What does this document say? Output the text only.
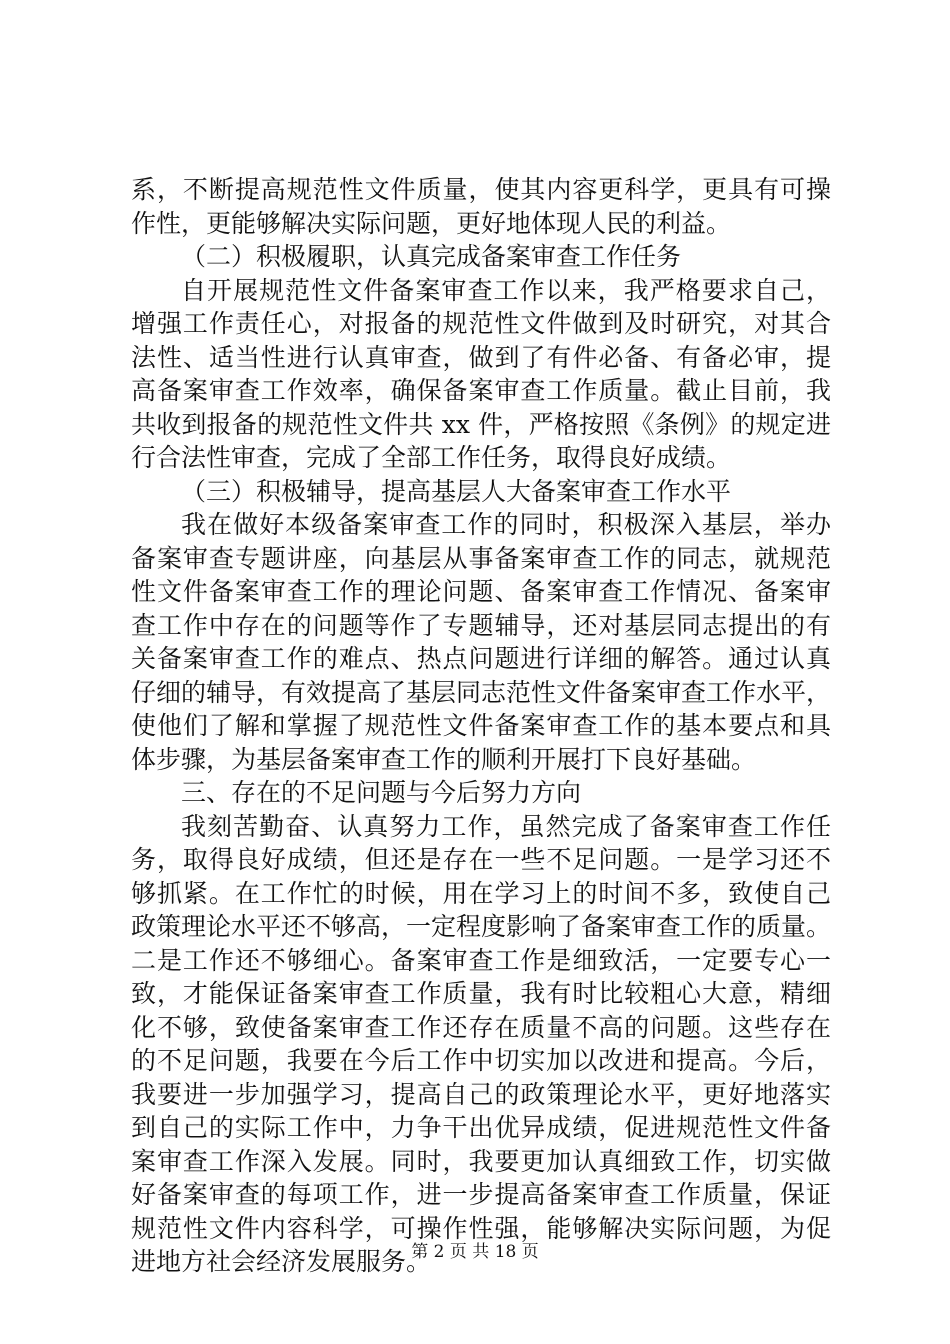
系，不断提高规范性文件质量，使其内容更科学，更具有可操
作性，更能够解决实际问题，更好地体现人民的利益。
（二）积极履职，认真完成备案审查工作任务
自开展规范性文件备案审查工作以来，我严格要求自己，
增强工作责任心，对报备的规范性文件做到及时研究，对其合
法性、适当性进行认真审查，做到了有件必备、有备必审，提
高备案审查工作效率，确保备案审查工作质量。截止目前，我
共收到报备的规范性文件共 xx 件，严格按照《条例》的规定进
行合法性审查，完成了全部工作任务，取得良好成绩。
（三）积极辅导，提高基层人大备案审查工作水平
我在做好本级备案审查工作的同时，积极深入基层，举办
备案审查专题讲座，向基层从事备案审查工作的同志，就规范
性文件备案审查工作的理论问题、备案审查工作情况、备案审
查工作中存在的问题等作了专题辅导，还对基层同志提出的有
关备案审查工作的难点、热点问题进行详细的解答。通过认真
仔细的辅导，有效提高了基层同志范性文件备案审查工作水平，
使他们了解和掌握了规范性文件备案审查工作的基本要点和具
体步骤，为基层备案审查工作的顺利开展打下良好基础。
三、存在的不足问题与今后努力方向
我刻苦勤奋、认真努力工作，虽然完成了备案审查工作任
务，取得良好成绩，但还是存在一些不足问题。一是学习还不
够抓紧。在工作忙的时候，用在学习上的时间不多，致使自己
政策理论水平还不够高，一定程度影响了备案审查工作的质量。
二是工作还不够细心。备案审查工作是细致活，一定要专心一
致，才能保证备案审查工作质量，我有时比较粗心大意，精细
化不够，致使备案审查工作还存在质量不高的问题。这些存在
的不足问题，我要在今后工作中切实加以改进和提高。今后，
我要进一步加强学习，提高自己的政策理论水平，更好地落实
到自己的实际工作中，力争干出优异成绩，促进规范性文件备
案审查工作深入发展。同时，我要更加认真细致工作，切实做
好备案审查的每项工作，进一步提高备案审查工作质量，保证
规范性文件内容科学，可操作性强，能够解决实际问题，为促
进地方社会经济发展服务。
第 2 页 共 18 页
